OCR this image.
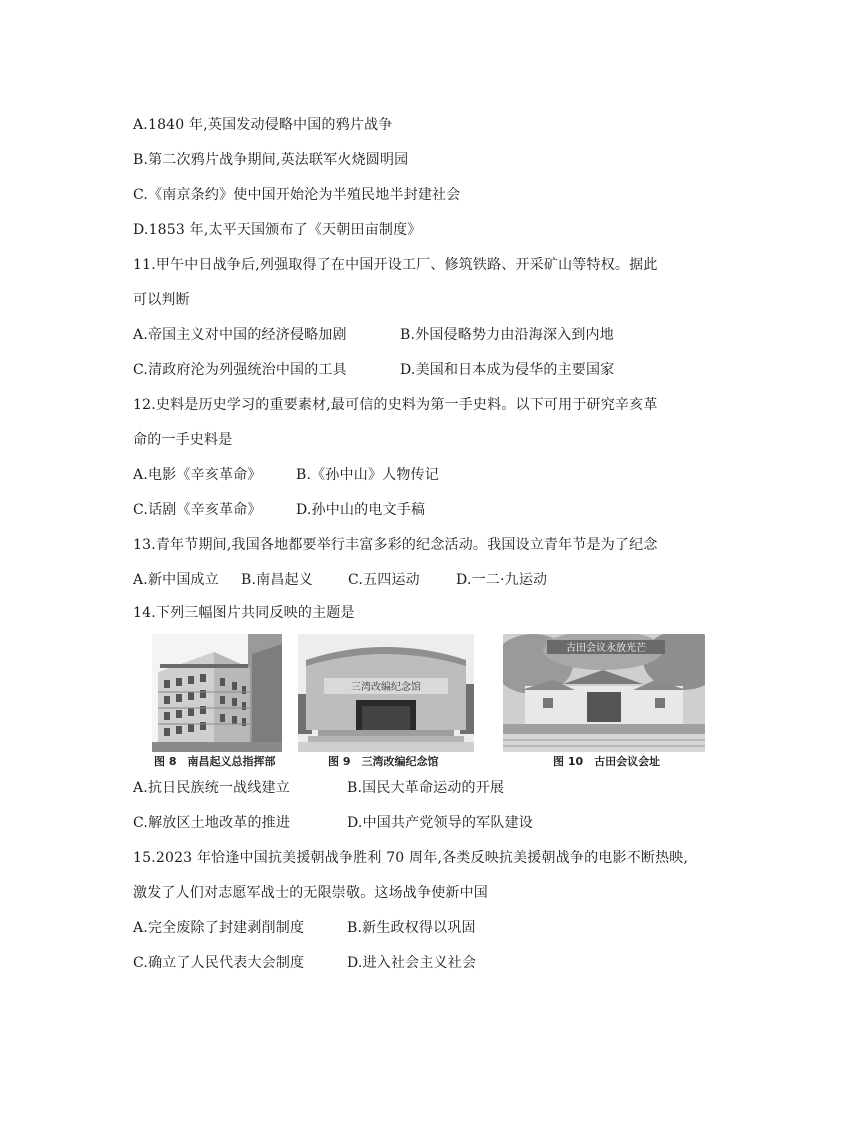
A.1840 年,英国发动侵略中国的鸦片战争
B.第二次鸦片战争期间,英法联军火烧圆明园
C.《南京条约》使中国开始沦为半殖民地半封建社会
D.1853 年,太平天国颁布了《天朝田亩制度》
11.甲午中日战争后,列强取得了在中国开设工厂、修筑铁路、开采矿山等特权。据此
可以判断
A.帝国主义对中国的经济侵略加剧	B.外国侵略势力由沿海深入到内地
C.清政府沦为列强统治中国的工具	D.美国和日本成为侵华的主要国家
12.史料是历史学习的重要素材,最可信的史料为第一手史料。以下可用于研究辛亥革
命的一手史料是
A.电影《辛亥革命》 B.《孙中山》人物传记
C.话剧《辛亥革命》 D.孙中山的电文手稿
13.青年节期间,我国各地都要举行丰富多彩的纪念活动。我国设立青年节是为了纪念
A.新中国成立 B.南昌起义	C.五四运动	D.一二·九运动
14.下列三幅图片共同反映的主题是
图 8　南昌起义总指挥部
三湾改编纪念馆
图 9　三湾改编纪念馆
古田会议永放光芒
图 10　古田会议会址
A.抗日民族统一战线建立	B.国民大革命运动的开展
C.解放区土地改革的推进	D.中国共产党领导的军队建设
15.2023 年恰逢中国抗美援朝战争胜利 70 周年,各类反映抗美援朝战争的电影不断热映,
激发了人们对志愿军战士的无限崇敬。这场战争使新中国
A.完全废除了封建剥削制度	B.新生政权得以巩固
C.确立了人民代表大会制度	D.进入社会主义社会
